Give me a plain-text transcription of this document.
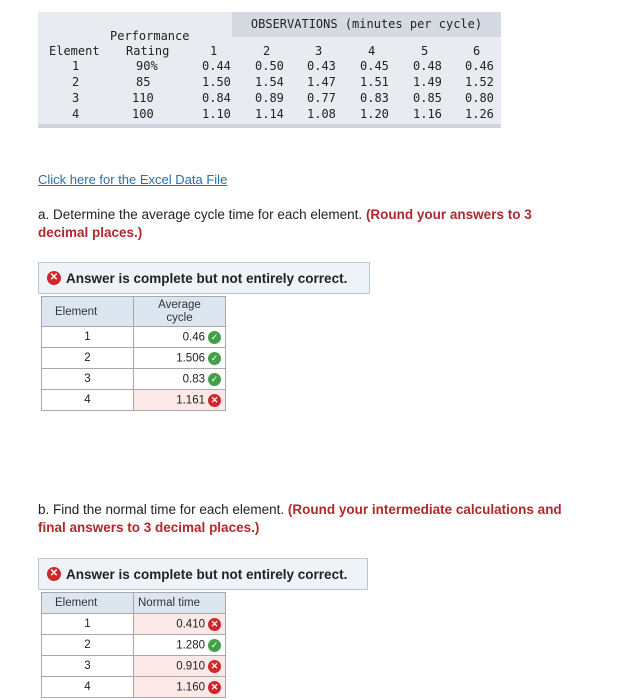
OBSERVATIONS (minutes per cycle)
Performance
Element Rating	1	2	3	4	5	6
1	90%	0.44 0.50 0.43 0.45 0.48 0.46
2	85	1.50 1.54 1.47 1.51 1.49 1.52
3	110	0.84 0.89 0.77 0.83 0.85 0.80
4	100	1.10 1.14 1.08 1.20 1.16 1.26
Click here for the Excel Data File
a. Determine the average cycle time for each element. (Round your answers to 3 decimal places.)
✕ Answer is complete but not entirely correct.
Element	Average
cycle
1	0.46 ✓
2	1.506 ✓
3	0.83 ✓
4	1.161 ✕
b. Find the normal time for each element. (Round your intermediate calculations and final answers to 3 decimal places.)
✕ Answer is complete but not entirely correct.
Element	Normal time
1	0.410 ✕
2	1.280 ✓
3	0.910 ✕
4	1.160 ✕
